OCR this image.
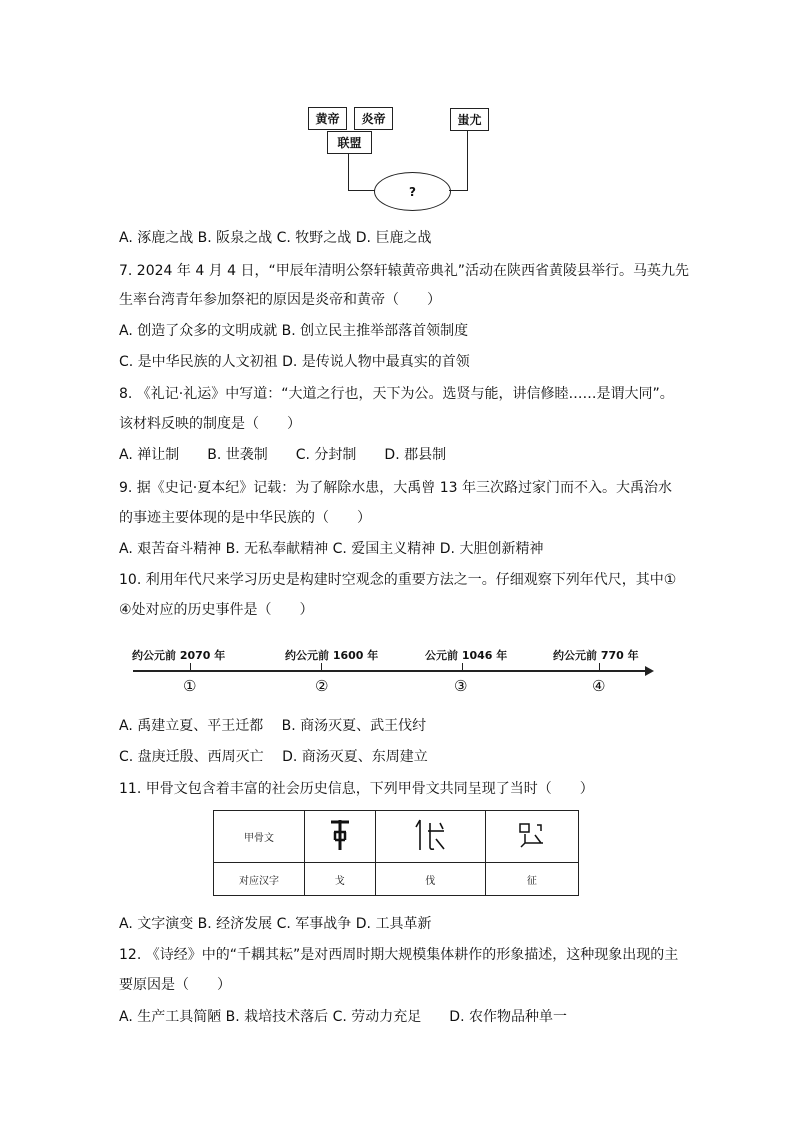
黄帝	炎帝
联盟
蚩尤
?
A. 涿鹿之战 B. 阪泉之战 C. 牧野之战 D. 巨鹿之战
7. 2024 年 4 月 4 日，“甲辰年清明公祭轩辕黄帝典礼”活动在陕西省黄陵县举行。马英九先
生率台湾青年参加祭祀的原因是炎帝和黄帝（　　）
A. 创造了众多的文明成就 B. 创立民主推举部落首领制度
C. 是中华民族的人文初祖 D. 是传说人物中最真实的首领
8. 《礼记·礼运》中写道：“大道之行也，天下为公。选贤与能，讲信修睦……是谓大同”。
该材料反映的制度是（　　）
A. 禅让制　　B. 世袭制　　C. 分封制　　D. 郡县制
9. 据《史记·夏本纪》记载：为了解除水患，大禹曾 13 年三次路过家门而不入。大禹治水
的事迹主要体现的是中华民族的（　　）
A. 艰苦奋斗精神 B. 无私奉献精神 C. 爱国主义精神 D. 大胆创新精神
10. 利用年代尺来学习历史是构建时空观念的重要方法之一。仔细观察下列年代尺，其中①
④处对应的历史事件是（　　）
约公元前 2070 年	约公元前 1600 年	公元前 1046 年	约公元前 770 年
①	②	③	④
A. 禹建立夏、平王迁都　 B. 商汤灭夏、武王伐纣
C. 盘庚迁殷、西周灭亡　 D. 商汤灭夏、东周建立
11. 甲骨文包含着丰富的社会历史信息，下列甲骨文共同呈现了当时（　　）
甲骨文			
对应汉字	戈	伐	征
A. 文字演变 B. 经济发展 C. 军事战争 D. 工具革新
12. 《诗经》中的“千耦其耘”是对西周时期大规模集体耕作的形象描述，这种现象出现的主
要原因是（　　）
A. 生产工具简陋 B. 栽培技术落后 C. 劳动力充足　　D. 农作物品种单一
